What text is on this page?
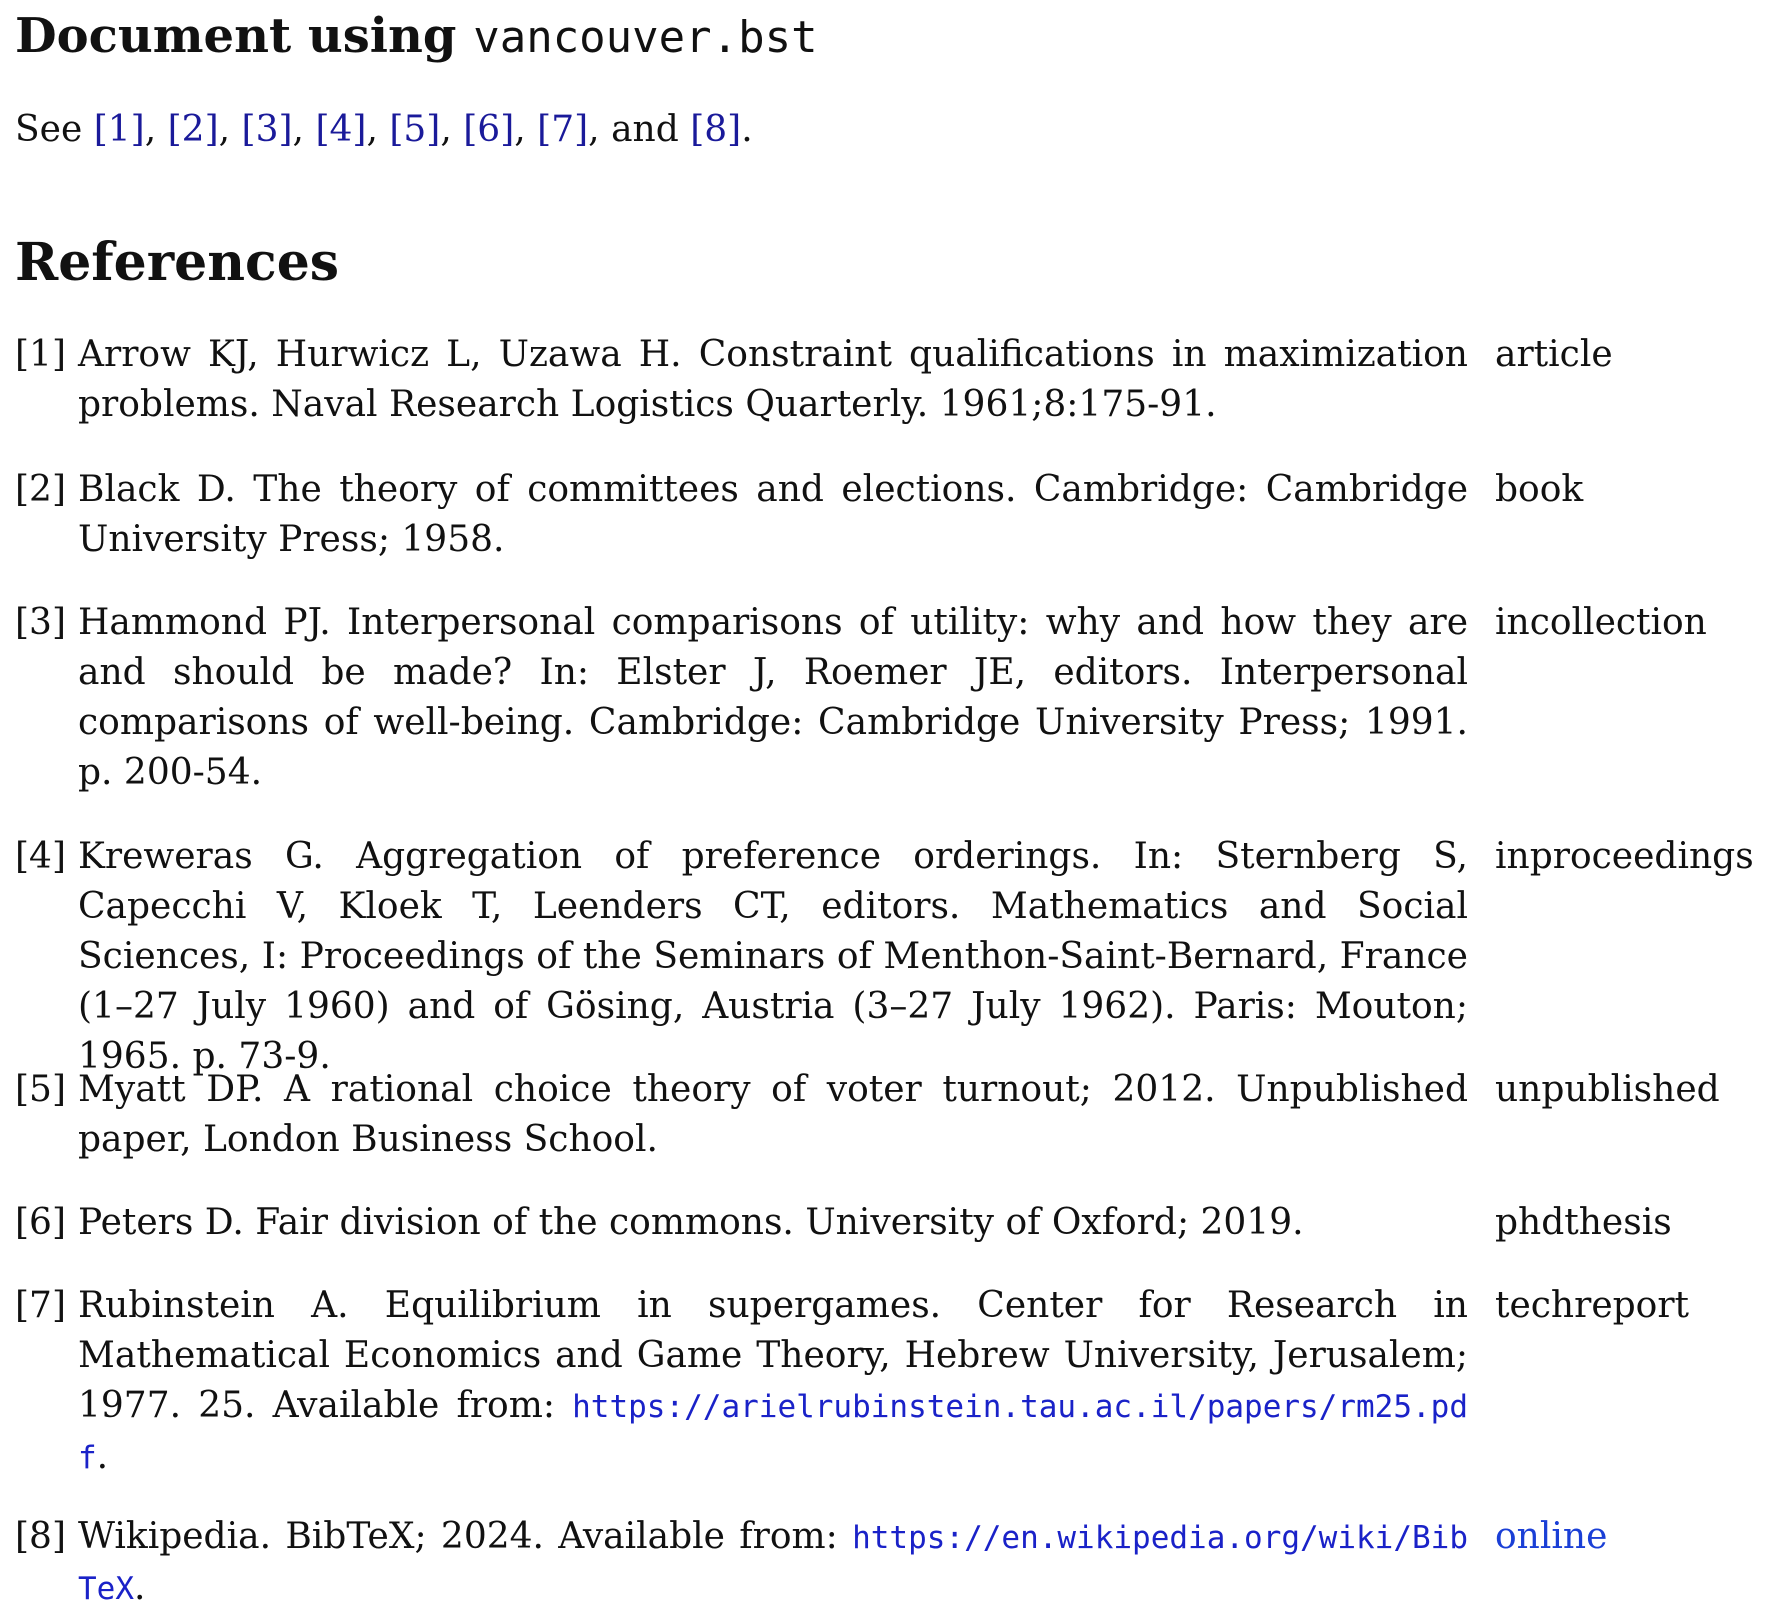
Document using vancouver.bst

See [1], [2], [3], [4], [5], [6], [7], and [8].

References
[1] Arrow KJ, Hurwicz L, Uzawa H. Constraint qualifications in maximization problems. Naval Research Logistics Quarterly. 1961;8:175-91.
article
[2] Black D. The theory of committees and elections. Cambridge: Cambridge University Press; 1958.
book
[3] Hammond PJ. Interpersonal comparisons of utility: why and how they are and should be made? In: Elster J, Roemer JE, editors. Interpersonal comparisons of well-being. Cambridge: Cambridge University Press; 1991. p. 200-54.
incollection
[4] Kreweras G. Aggregation of preference orderings. In: Sternberg S, Capecchi V, Kloek T, Leenders CT, editors. Mathematics and Social Sciences, I: Proceedings of the Seminars of Menthon-Saint-Bernard, France (1–27 July 1960) and of Gösing, Austria (3–27 July 1962). Paris: Mouton; 1965. p. 73-9.
inproceedings
[5] Myatt DP. A rational choice theory of voter turnout; 2012. Unpublished paper, London Business School.
unpublished
[6] Peters D. Fair division of the commons. University of Oxford; 2019.	phdthesis
[7] Rubinstein A. Equilibrium in supergames. Center for Research in Mathematical Economics and Game Theory, Hebrew University, Jerusalem; 1977. 25. Available from: https://arielrubinstein.tau.ac.il/papers/rm25.pdf.
techreport
[8] Wikipedia. BibTeX; 2024. Available from: https://en.wikipedia.org/wiki/BibTeX.
online
